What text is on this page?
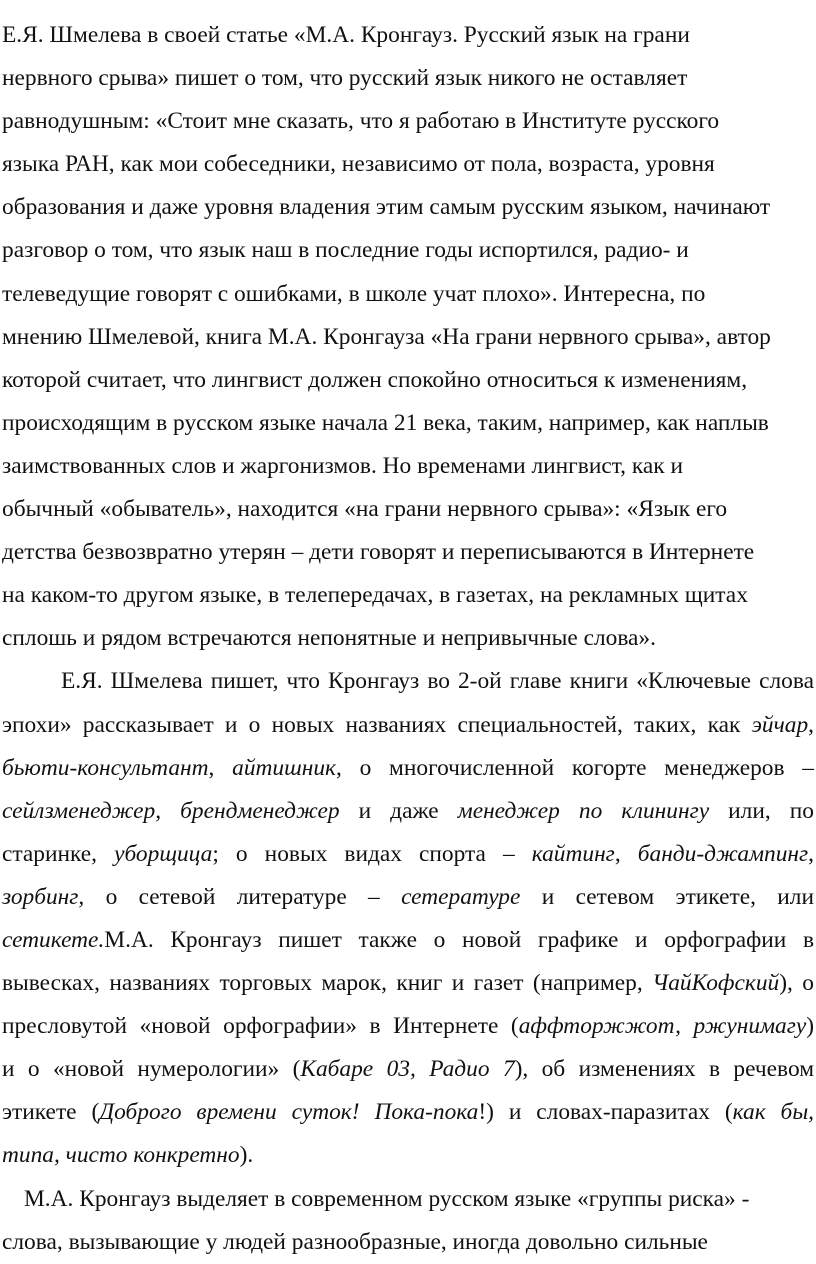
Е.Я. Шмелева в своей статье «М.А. Кронгауз. Русский язык на грани
нервного срыва» пишет о том, что русский язык никого не оставляет
равнодушным: «Стоит мне сказать, что я работаю в Институте русского
языка РАН, как мои собеседники, независимо от пола, возраста, уровня
образования и даже уровня владения этим самым русским языком, начинают
разговор о том, что язык наш в последние годы испортился, радио- и
телеведущие говорят с ошибками, в школе учат плохо». Интересна, по
мнению Шмелевой, книга М.А. Кронгауза «На грани нервного срыва», автор
которой считает, что лингвист должен спокойно относиться к изменениям,
происходящим в русском языке начала 21 века, таким, например, как наплыв
заимствованных слов и жаргонизмов. Но временами лингвист, как и
обычный «обыватель», находится «на грани нервного срыва»: «Язык его
детства безвозвратно утерян – дети говорят и переписываются в Интернете
на каком-то другом языке, в телепередачах, в газетах, на рекламных щитах
сплошь и рядом встречаются непонятные и непривычные слова».

Е.Я. Шмелева пишет, что Кронгауз во 2-ой главе книги «Ключевые слова
эпохи» рассказывает и о новых названиях специальностей, таких, как эйчар,
бьюти-консультант, айтишник, о многочисленной когорте менеджеров –
сейлзменеджер, брендменеджер и даже менеджер по клинингу или, по
старинке, уборщица; о новых видах спорта – кайтинг, банди-джампинг,
зорбинг, о сетевой литературе – сетературе и сетевом этикете, или
сетикете.М.А. Кронгауз пишет также о новой графике и орфографии в
вывесках, названиях торговых марок, книг и газет (например, ЧайКофский), о
пресловутой «новой орфографии» в Интернете (аффторжжот, ржунимагу)
и о «новой нумерологии» (Кабаре 03, Радио 7), об изменениях в речевом
этикете (Доброго времени суток! Пока-пока!) и словах-паразитах (как бы,
типа, чисто конкретно).

М.А. Кронгауз выделяет в современном русском языке «группы риска» -
слова, вызывающие у людей разнообразные, иногда довольно сильные
